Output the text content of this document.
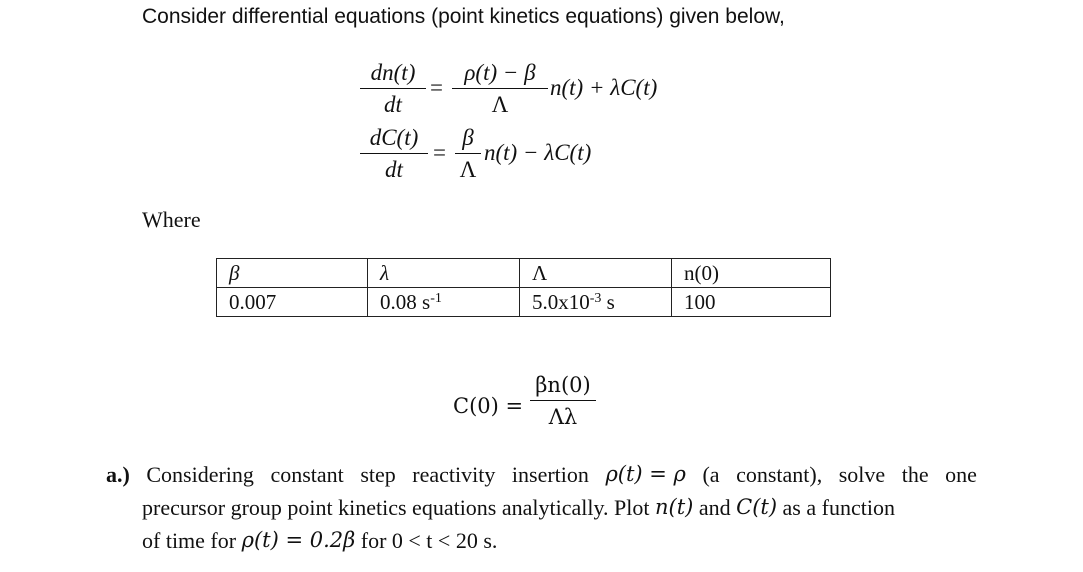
Consider differential equations (point kinetics equations) given below,
dn(t)
dt
=
ρ(t) − β
Λ
n(t) + λC(t)
dC(t)
dt
=
β
Λ
n(t) − λC(t)
Where
β	λ	Λ	n(0)
0.007	0.08 $s^{-1}$	$5.0x10^{-3}$ s	100
C(0) =
βn(0)
Λλ
a.) Considering constant step reactivity insertion ρ(t) = ρ (a constant), solve the one
precursor group point kinetics equations analytically. Plot
n(t)
and
C(t)
as a function
of time for
ρ(t) = 0.2β
for 0 < t < 20 s.
